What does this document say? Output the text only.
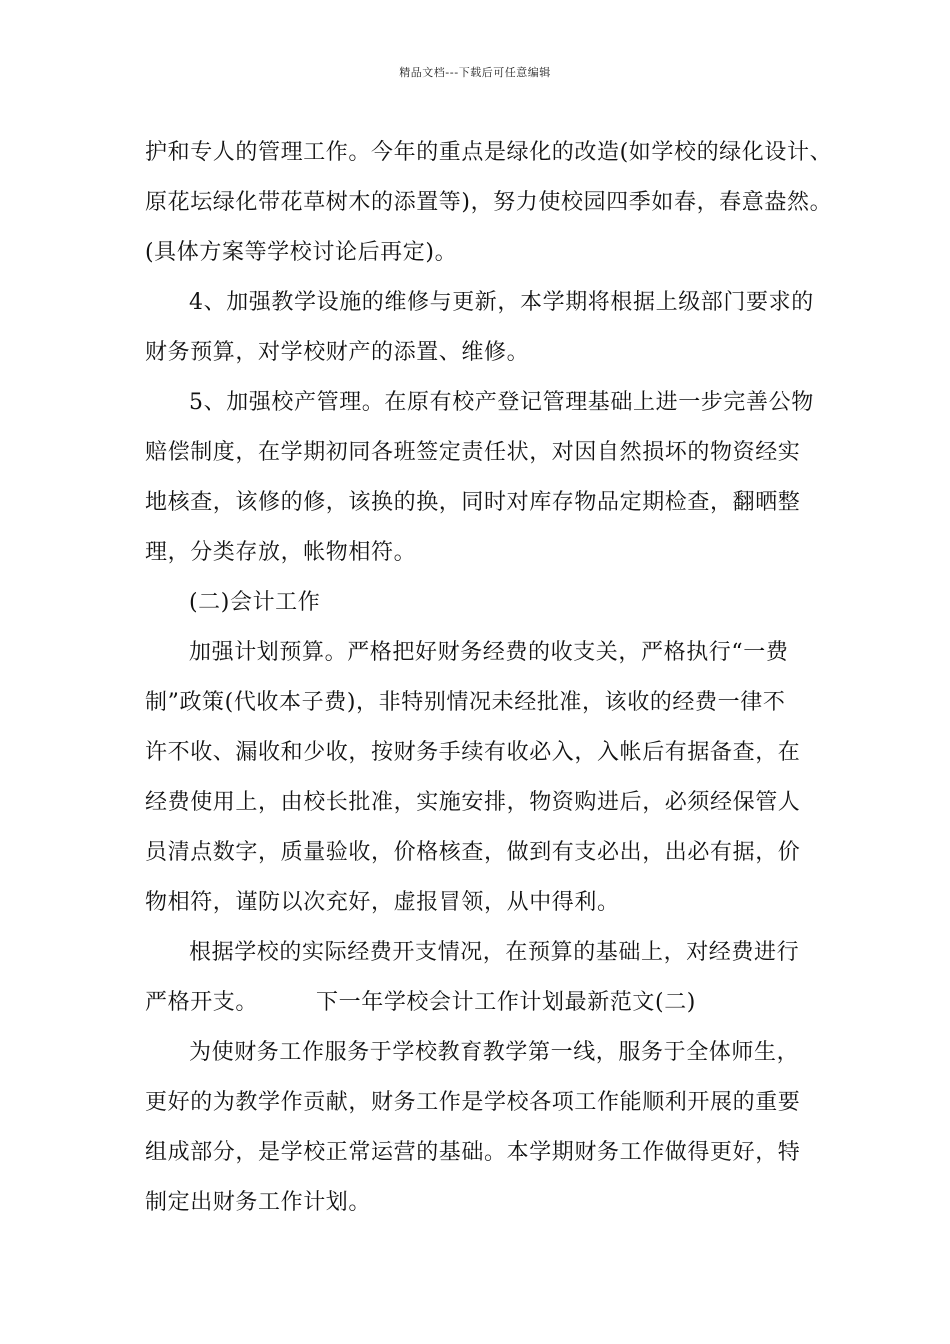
精品文档---下载后可任意编辑
护和专人的管理工作。今年的重点是绿化的改造(如学校的绿化设计、
原花坛绿化带花草树木的添置等)，努力使校园四季如春，春意盎然。
(具体方案等学校讨论后再定)。
4、加强教学设施的维修与更新，本学期将根据上级部门要求的
财务预算，对学校财产的添置、维修。
5、加强校产管理。在原有校产登记管理基础上进一步完善公物
赔偿制度，在学期初同各班签定责任状，对因自然损坏的物资经实
地核查，该修的修，该换的换，同时对库存物品定期检查，翻晒整
理，分类存放，帐物相符。
(二)会计工作
加强计划预算。严格把好财务经费的收支关，严格执行“一费
制”政策(代收本子费)，非特别情况未经批准，该收的经费一律不
许不收、漏收和少收，按财务手续有收必入，入帐后有据备查，在
经费使用上，由校长批准，实施安排，物资购进后，必须经保管人
员清点数字，质量验收，价格核查，做到有支必出，出必有据，价
物相符，谨防以次充好，虚报冒领，从中得利。
根据学校的实际经费开支情况，在预算的基础上，对经费进行
严格开支。	下一年学校会计工作计划最新范文(二)
为使财务工作服务于学校教育教学第一线，服务于全体师生，
更好的为教学作贡献，财务工作是学校各项工作能顺利开展的重要
组成部分，是学校正常运营的基础。本学期财务工作做得更好，特
制定出财务工作计划。
